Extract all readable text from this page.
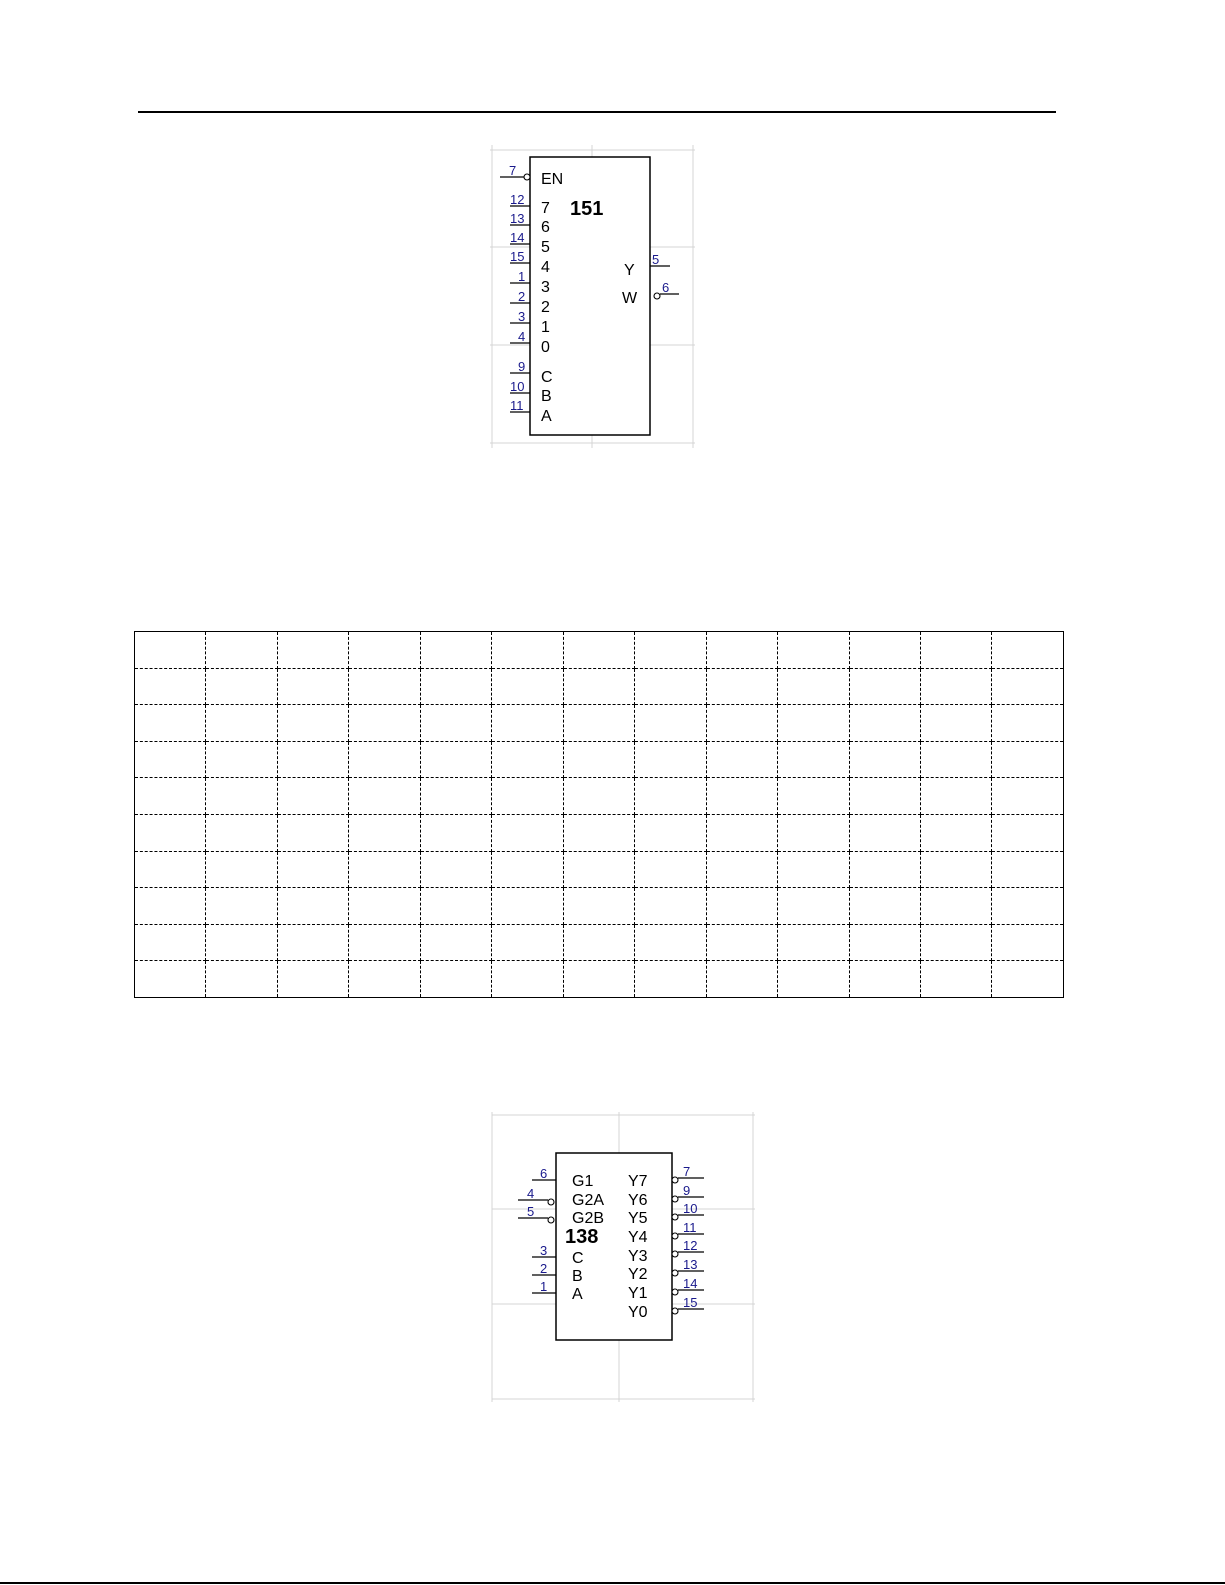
151
7
EN
12
7
13
6
14
5
15
4
1
3
2
2
3
1
4
0
9
C
10
B
11
A
5
Y
6
W

138
6 G1
4 G2A
5 G2B
3 C
2 B
1 A
7
Y7
9
Y6	10
Y5
11
Y4	12
Y3	13
Y2
14
Y1
15
Y0
